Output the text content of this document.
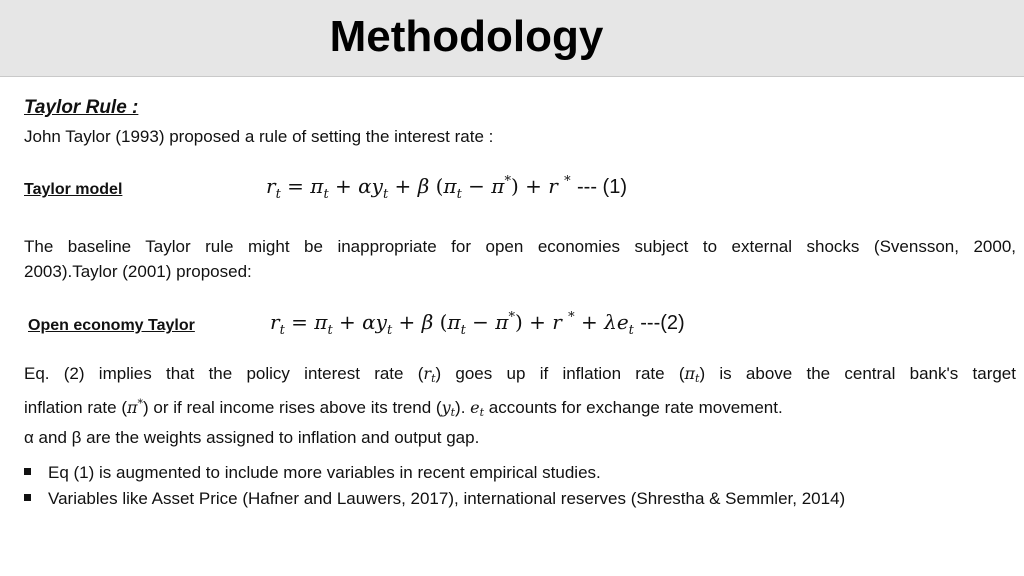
Methodology
Taylor Rule :
John Taylor (1993) proposed a rule of setting the interest rate :
Taylor model	$r_t = \pi_t + \alpha y_t + \beta$ $(\pi_t - \pi^*) + r$ * --- (1)
The baseline Taylor rule might be inappropriate for open economies subject to external shocks (Svensson, 2000,
2003).Taylor (2001) proposed:
Open economy Taylor	$r_t = \pi_t + \alpha y_t + \beta$ $(\pi_t - \pi^*) + r$ $^* + \lambda e_t$ ---(2)
Eq. (2) implies that the policy interest rate $(r_t)$ goes up if inflation rate $(\pi_t)$ is above the central bank's target
inflation rate (π*) or if real income rises above its trend $(y_t)$. $e_t$ accounts for exchange rate movement.
α and β are the weights assigned to inflation and output gap.
Eq (1) is augmented to include more variables in recent empirical studies.
Variables like Asset Price (Hafner and Lauwers, 2017), international reserves (Shrestha & Semmler, 2014)
